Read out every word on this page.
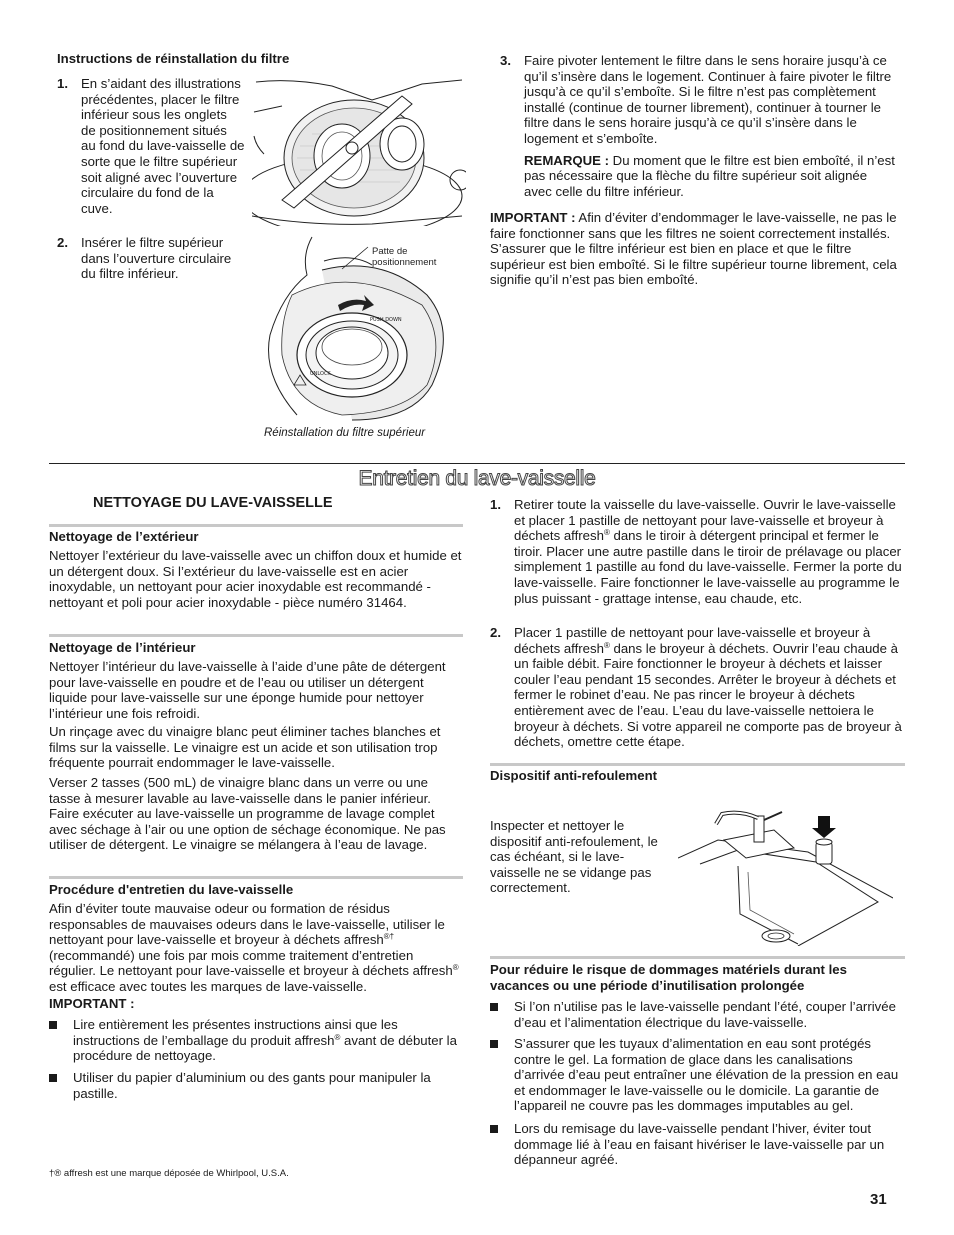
Instructions de réinstallation du filtre
1. En s’aidant des illustrations précédentes, placer le filtre inférieur sous les onglets de positionnement situés au fond du lave-vaisselle de sorte que le filtre supérieur soit aligné avec l’ouverture circulaire du fond de la cuve.

2. Insérer le filtre supérieur dans l’ouverture circulaire du filtre inférieur.

PUSH DOWN
UNLOCK
Patte de
positionnement
Réinstallation du filtre supérieur
3. Faire pivoter lentement le filtre dans le sens horaire jusqu’à ce qu’il s’insère dans le logement. Continuer à faire pivoter le filtre jusqu’à ce qu’il s’emboîte. Si le filtre n’est pas complètement installé (continue de tourner librement), continuer à tourner le filtre dans le sens horaire jusqu’à ce qu’il s’insère dans le logement et s’emboîte.

REMARQUE : Du moment que le filtre est bien emboîté, il n’est pas nécessaire que la flèche du filtre supérieur soit alignée avec celle du filtre inférieur.

IMPORTANT : Afin d’éviter d’endommager le lave-vaisselle, ne pas le faire fonctionner sans que les filtres ne soient correctement installés. S’assurer que le filtre inférieur est bien en place et que le filtre supérieur est bien emboîté. Si le filtre supérieur tourne librement, cela signifie qu’il n’est pas bien emboîté.

Entretien du lave-vaisselle
NETTOYAGE DU LAVE-VAISSELLE
Nettoyage de l’extérieur

Nettoyer l’extérieur du lave-vaisselle avec un chiffon doux et humide et un détergent doux. Si l’extérieur du lave-vaisselle est en acier inoxydable, un nettoyant pour acier inoxydable est recommandé - nettoyant et poli pour acier inoxydable - pièce numéro 31464.

Nettoyage de l’intérieur

Nettoyer l’intérieur du lave-vaisselle à l’aide d’une pâte de détergent pour lave-vaisselle en poudre et de l’eau ou utiliser un détergent liquide pour lave-vaisselle sur une éponge humide pour nettoyer l’intérieur une fois refroidi.

Un rinçage avec du vinaigre blanc peut éliminer taches blanches et films sur la vaisselle. Le vinaigre est un acide et son utilisation trop fréquente pourrait endommager le lave-vaisselle.

Verser 2 tasses (500 mL) de vinaigre blanc dans un verre ou une tasse à mesurer lavable au lave-vaisselle dans le panier inférieur. Faire exécuter au lave-vaisselle un programme de lavage complet avec séchage à l’air ou une option de séchage économique. Ne pas utiliser de détergent. Le vinaigre se mélangera à l’eau de lavage.

Procédure d'entretien du lave-vaisselle

Afin d’éviter toute mauvaise odeur ou formation de résidus responsables de mauvaises odeurs dans le lave-vaisselle, utiliser le nettoyant pour lave-vaisselle et broyeur à déchets affresh®† (recommandé) une fois par mois comme traitement d’entretien régulier. Le nettoyant pour lave-vaisselle et broyeur à déchets affresh® est efficace avec toutes les marques de lave-vaisselle.

IMPORTANT :

Lire entièrement les présentes instructions ainsi que les instructions de l’emballage du produit affresh® avant de débuter la procédure de nettoyage.

Utiliser du papier d’aluminium ou des gants pour manipuler la pastille.

†® affresh est une marque déposée de Whirlpool, U.S.A.
1. Retirer toute la vaisselle du lave-vaisselle. Ouvrir le lave-vaisselle et placer 1 pastille de nettoyant pour lave-vaisselle et broyeur à déchets affresh® dans le tiroir à détergent principal et fermer le tiroir. Placer une autre pastille dans le tiroir de prélavage ou placer simplement 1 pastille au fond du lave-vaisselle. Fermer la porte du lave-vaisselle. Faire fonctionner le lave-vaisselle au programme le plus puissant - grattage intense, eau chaude, etc.

2. Placer 1 pastille de nettoyant pour lave-vaisselle et broyeur à déchets affresh® dans le broyeur à déchets. Ouvrir l’eau chaude à un faible débit. Faire fonctionner le broyeur à déchets et laisser couler l’eau pendant 15 secondes. Arrêter le broyeur à déchets et fermer le robinet d’eau. Ne pas rincer le broyeur à déchets entièrement avec de l’eau. L’eau du lave-vaisselle nettoiera le broyeur à déchets. Si votre appareil ne comporte pas de broyeur à déchets, omettre cette étape.

Dispositif anti-refoulement

Inspecter et nettoyer le dispositif anti-refoulement, le cas échéant, si le lave-vaisselle ne se vidange pas correctement.

Pour réduire le risque de dommages matériels durant les vacances ou une période d’inutilisation prolongée

Si l’on n’utilise pas le lave-vaisselle pendant l’été, couper l’arrivée d’eau et l’alimentation électrique du lave-vaisselle.

S’assurer que les tuyaux d’alimentation en eau sont protégés contre le gel. La formation de glace dans les canalisations d’arrivée d’eau peut entraîner une élévation de la pression en eau et endommager le lave-vaisselle ou le domicile. La garantie de l’appareil ne couvre pas les dommages imputables au gel.

Lors du remisage du lave-vaisselle pendant l’hiver, éviter tout dommage lié à l’eau en faisant hivériser le lave-vaisselle par un dépanneur agréé.

31
